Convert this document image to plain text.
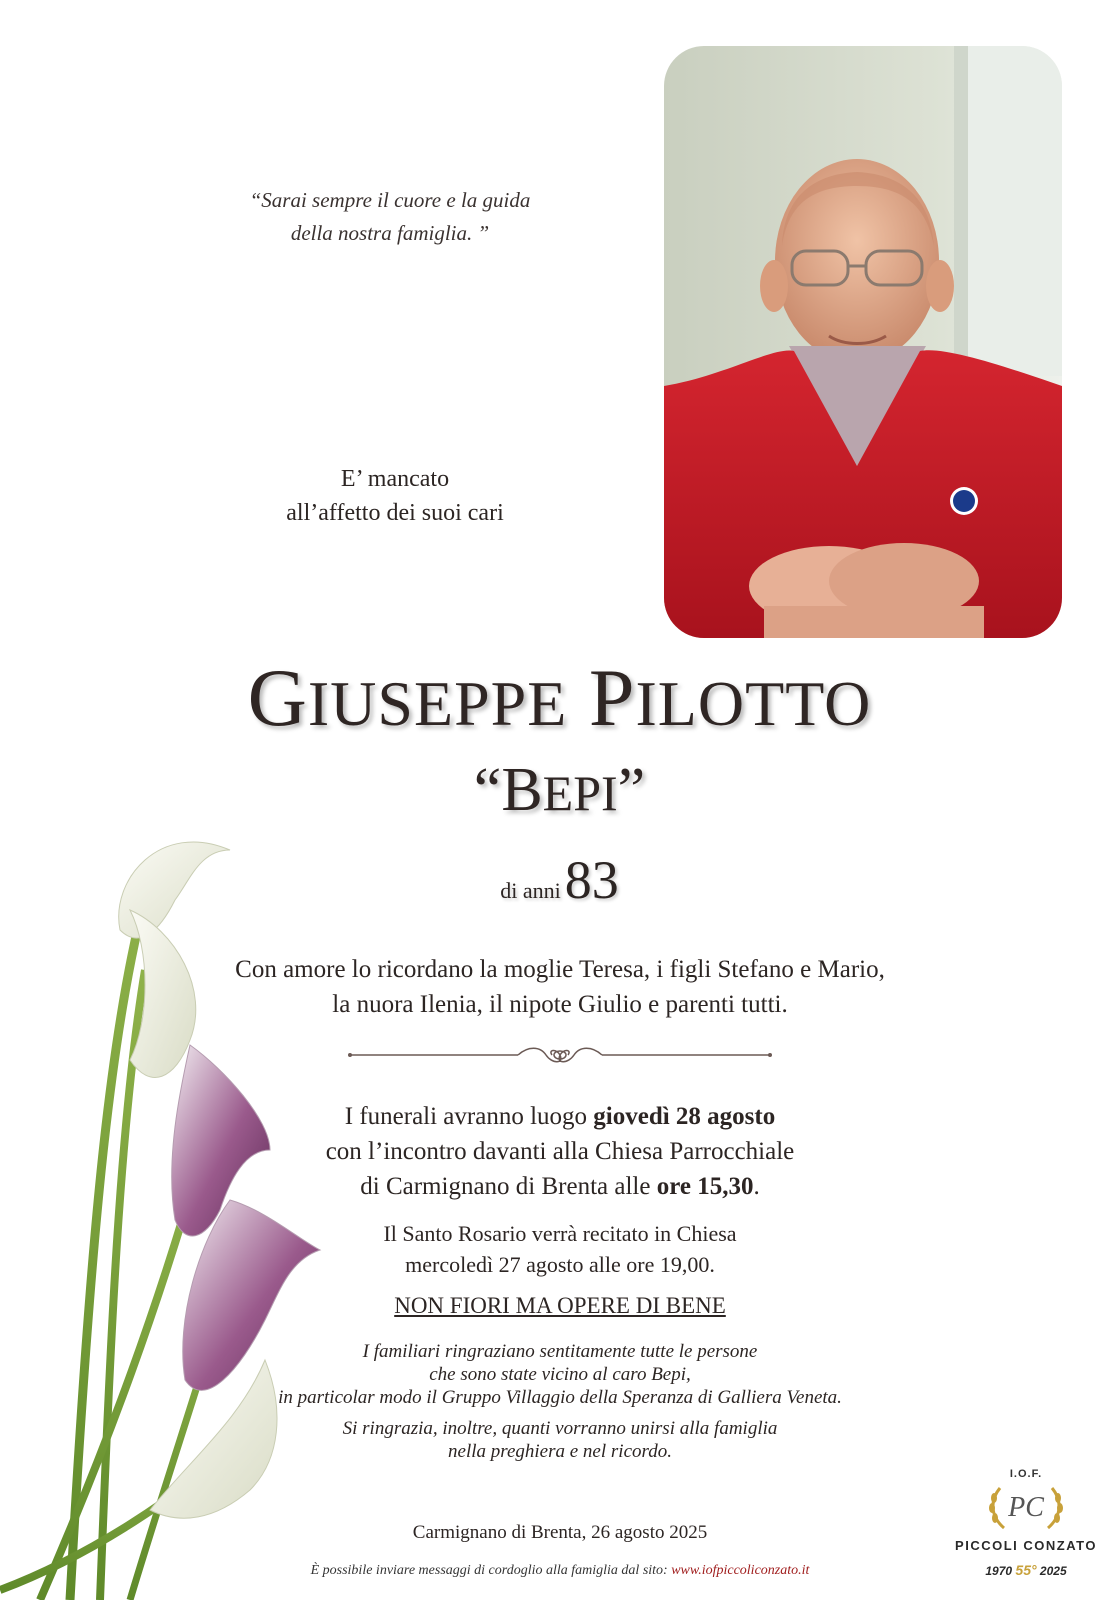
“Sarai sempre il cuore e la guida
della nostra famiglia. ”
E’ mancato
all’affetto dei suoi cari
GIUSEPPE PILOTTO
“BEPI”
di anni 83
Con amore lo ricordano la moglie Teresa, i figli Stefano e Mario,
la nuora Ilenia, il nipote Giulio e parenti tutti.
I funerali avranno luogo giovedì 28 agosto
con l’incontro davanti alla Chiesa Parrocchiale
di Carmignano di Brenta alle ore 15,30.
Il Santo Rosario verrà recitato in Chiesa
mercoledì 27 agosto alle ore 19,00.
NON FIORI MA OPERE DI BENE
I familiari ringraziano sentitamente tutte le persone
che sono state vicino al caro Bepi,
in particolar modo il Gruppo Villaggio della Speranza di Galliera Veneta.
Si ringrazia, inoltre, quanti vorranno unirsi alla famiglia
nella preghiera e nel ricordo.
Carmignano di Brenta, 26 agosto 2025
È possibile inviare messaggi di cordoglio alla famiglia dal sito: www.iofpiccoliconzato.it
I.O.F.
PC
PICCOLI CONZATO
1970 55° 2025
